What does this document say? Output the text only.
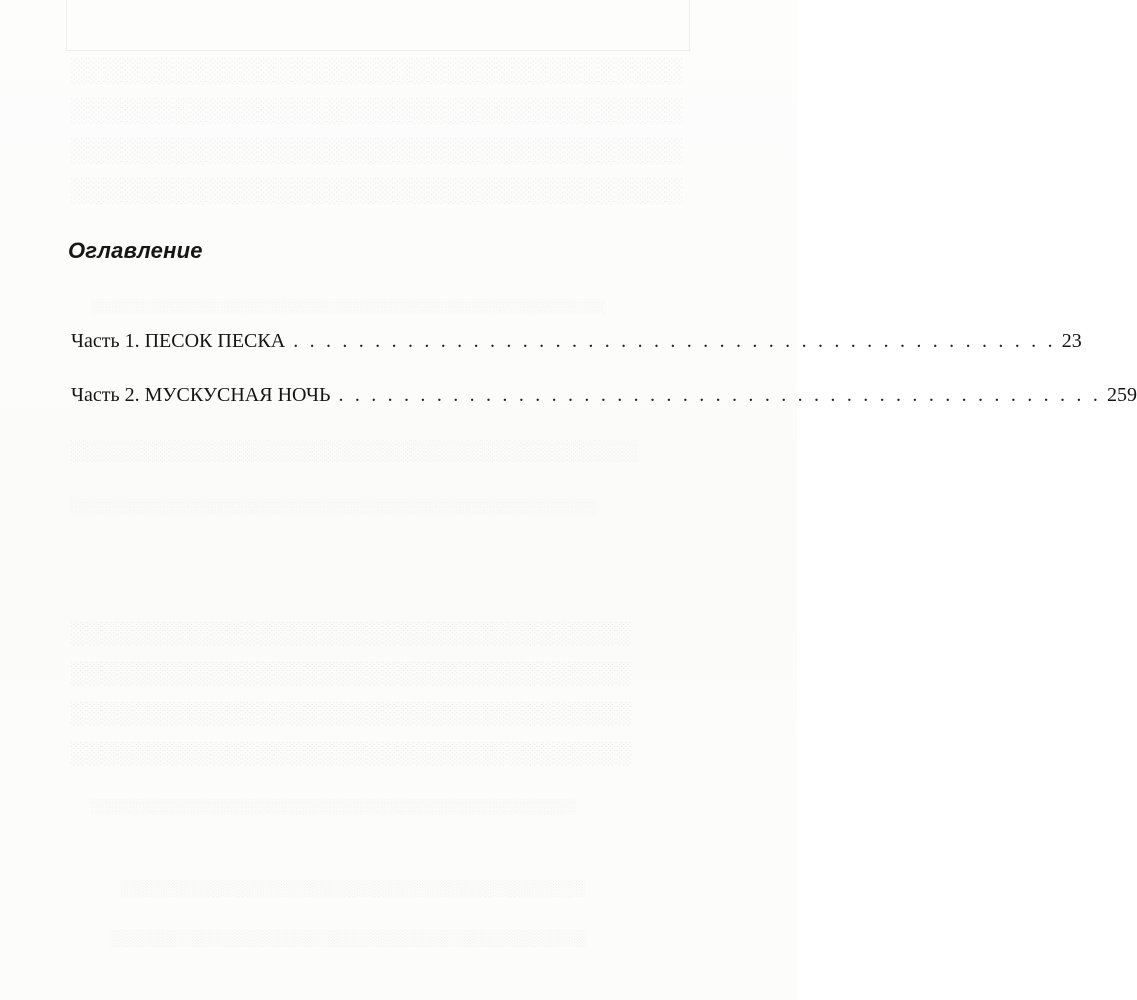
░░░░░░░░░░░░░░░░░░░░░░░░░░░░░░░░░░░░
░░░░░░░░░░░░░░░░░░░░░░░░░░░░░░░░░░░░
░░░░░░░░░░░░░░░░░░░░░░░░░░░░░░░░░░░░
░░░░░░░░░░░░░░░░░░░░░░░░░░░░░░░░░░░░
░░░░░░░░░░░░░░░░░░░░░░░░░░░░░░░░░░░░░░░░░░░░░░░░░░░░
░░░░░░░░░░░░░░░░░░░░░░░░░░░░░░░░░░░░░░░░
░░░░░░░░░░░░░░░░░░░░░░░░░░░░░░░░░░░░░░░░░░░░░░░░░░░░░
░░░░░░░░░░░░░░░░░░░░░░░░░░░░░░░░░░░░
░░░░░░░░░░░░░░░░░░░░░░░░░░░░░░░░░░░░
░░░░░░░░░░░░░░░░░░░░░░░░░░░░░░░░░░░░
░░░░░░░░░░░░░░░░░░░░░░░░░░░░░░░░░░░░
░░░░░░░░░░░░░░░░░░░░░░░░░░░░░░░░░░░░░░░░░░░░░░░░░
░░░░░░░░░░░░░░░░░░░░░░░░░░░░░░░░░░░░░░░░░
░░░░░░░░░░░░░░░░░░░░░░░░░░░░░░░░░░░░░░░░░░
Оглавление
Часть 1. ПЕСОК ПЕСКА . . . . . . . . . . . . . . . . . . . . . . . . . . . . . . . . . . . . . . . . . . . . . . . 23
Часть 2. МУСКУСНАЯ НОЧЬ . . . . . . . . . . . . . . . . . . . . . . . . . . . . . . . . . . . . . . . . . . . . . . . 259
